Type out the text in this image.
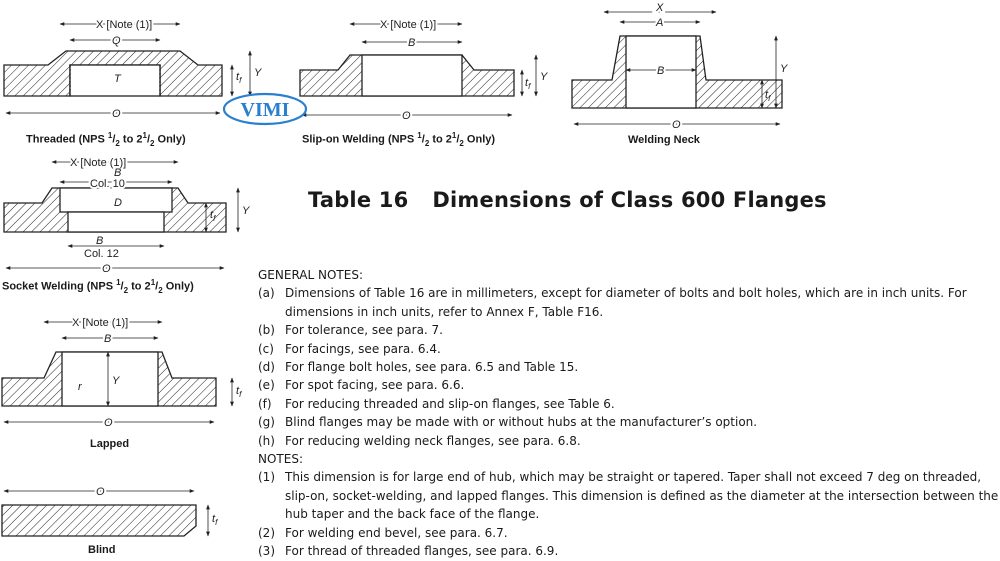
X [Note (1)]
Q
T
O
$t_f$
Y
X [Note (1)]
B
O
$t_f$
Y
X
A
B
O
$t_f$
Y
X [Note (1)]
B
Col. 10
D
B
Col. 12
O
$t_f$
Y
X [Note (1)]
B
r	Y
O
$t_f$
O
$t_f$
VIMI
Threaded (NPS $^1/_2$ to $2^1/_2$ Only)	Slip-on Welding (NPS $^1/_2$ to $2^1/_2$ Only)	Welding Neck
Socket Welding (NPS $^1/_2$ to $2^1/_2$ Only)
Lapped
Blind
Table 16 Dimensions of Class 600 Flanges
GENERAL NOTES:
(a) Dimensions of Table 16 are in millimeters, except for diameter of bolts and bolt holes, which are in inch units. For dimensions in inch units, refer to Annex F, Table F16.
(b) For tolerance, see para. 7.
(c) For facings, see para. 6.4.
(d) For flange bolt holes, see para. 6.5 and Table 15.
(e) For spot facing, see para. 6.6.
(f) For reducing threaded and slip-on flanges, see Table 6.
(g) Blind flanges may be made with or without hubs at the manufacturer’s option.
(h) For reducing welding neck flanges, see para. 6.8.
NOTES:
(1) This dimension is for large end of hub, which may be straight or tapered. Taper shall not exceed 7 deg on threaded, slip-on, socket-welding, and lapped flanges. This dimension is defined as the diameter at the intersection between the hub taper and the back face of the flange.
(2) For welding end bevel, see para. 6.7.
(3) For thread of threaded flanges, see para. 6.9.
